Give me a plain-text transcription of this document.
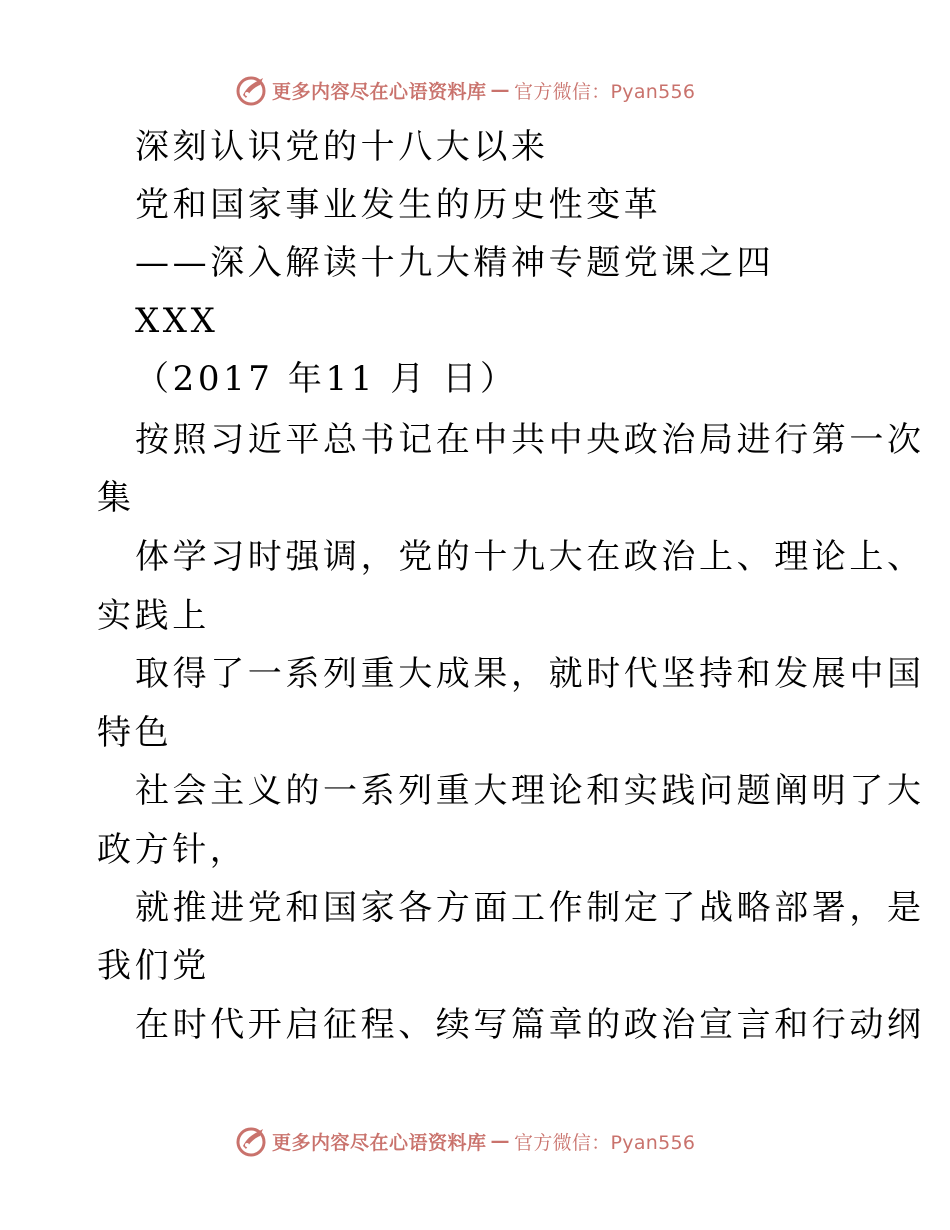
更多内容尽在心语资料库 — 官方微信：Pyan556
深刻认识党的十八大以来
党和国家事业发生的历史性变革
——深入解读十九大精神专题党课之四
XXX
（2017 年11 月 日）
按照习近平总书记在中共中央政治局进行第一次
集
体学习时强调，党的十九大在政治上、理论上、
实践上
取得了一系列重大成果，就时代坚持和发展中国
特色
社会主义的一系列重大理论和实践问题阐明了大
政方针，
就推进党和国家各方面工作制定了战略部署，是
我们党
在时代开启征程、续写篇章的政治宣言和行动纲
更多内容尽在心语资料库 — 官方微信：Pyan556
